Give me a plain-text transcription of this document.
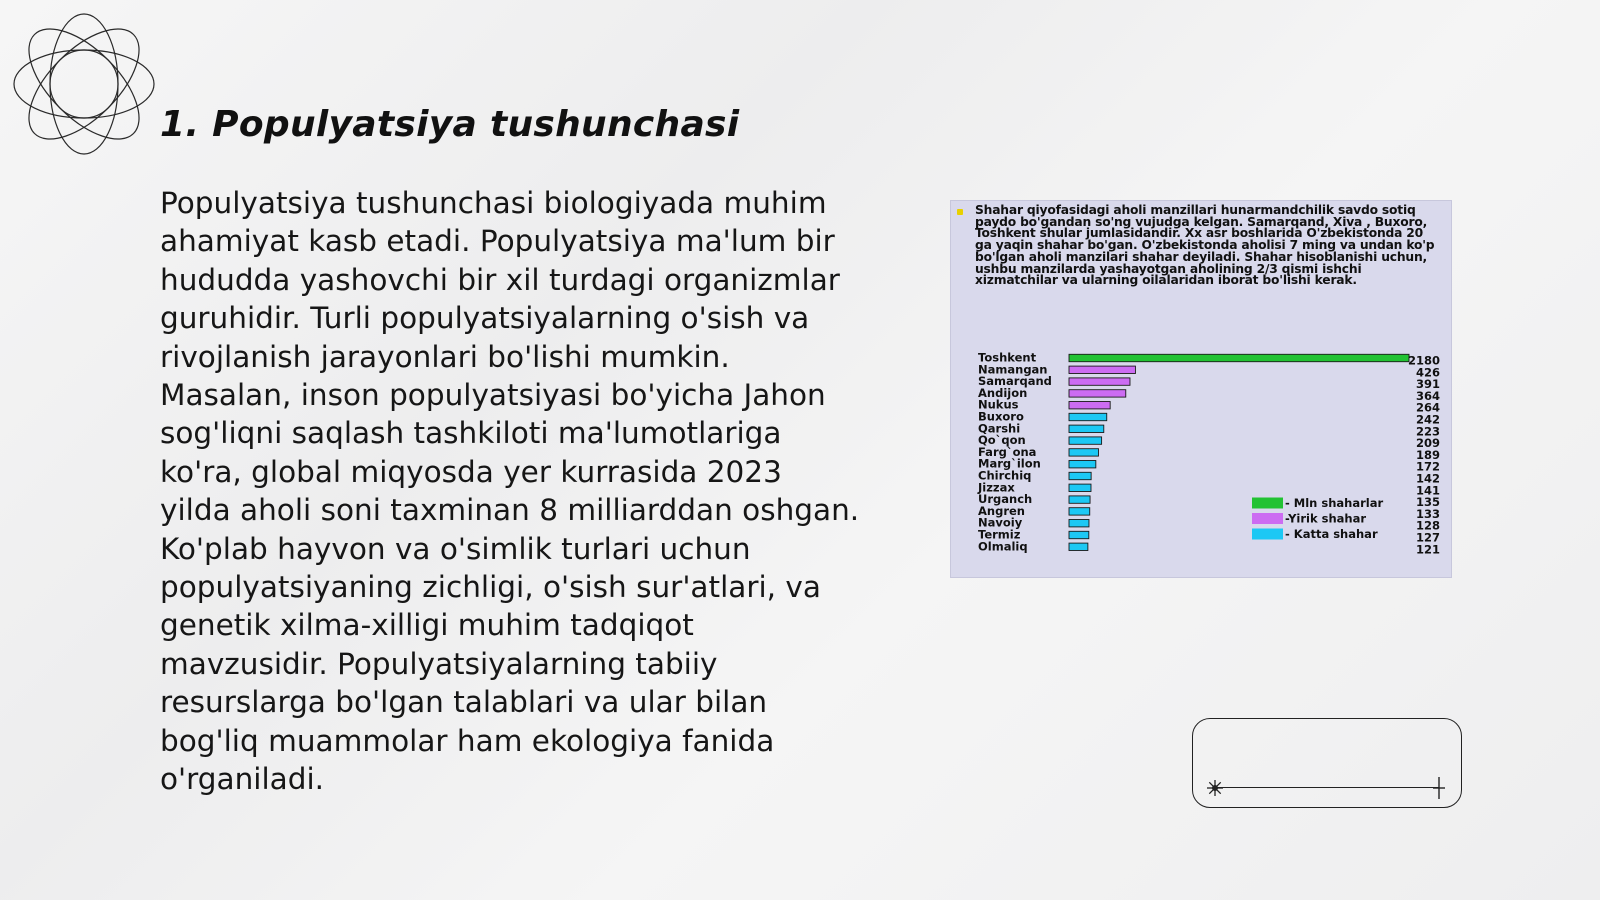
1. Populyatsiya tushunchasi

Populyatsiya tushunchasi biologiyada muhim ahamiyat kasb etadi. Populyatsiya ma'lum bir hududda yashovchi bir xil turdagi organizmlar guruhidir. Turli populyatsiyalarning o'sish va rivojlanish jarayonlari bo'lishi mumkin. Masalan, inson populyatsiyasi bo'yicha Jahon sog'liqni saqlash tashkiloti ma'lumotlariga ko'ra, global miqyosda yer kurrasida 2023 yilda aholi soni taxminan 8 milliarddan oshgan. Ko'plab hayvon va o'simlik turlari uchun populyatsiyaning zichligi, o'sish sur'atlari, va genetik xilma-xilligi muhim tadqiqot mavzusidir. Populyatsiyalarning tabiiy resurslarga bo'lgan talablari va ular bilan bog'liq muammolar ham ekologiya fanida o'rganiladi.

Shahar qiyofasidagi aholi manzillari hunarmandchilik savdo sotiq paydo bo'gandan so'ng vujudga kelgan. Samarqand, Xiva , Buxoro, Toshkent shular jumlasidandir. Xx asr boshlarida O'zbekistonda 20 ga yaqin shahar bo'gan. O'zbekistonda aholisi 7 ming va undan ko'p bo'lgan aholi manzilari shahar deyiladi. Shahar hisoblanishi uchun, ushbu manzilarda yashayotgan aholining 2/3 qismi ishchi xizmatchilar va ularning oilalaridan iborat bo'lishi kerak.

Toshkent	2180
Namangan	426
Samarqand	391
Andijon	364
Nukus	264
Buxoro	242
Qarshi	223
Qo`qon	209
Farg`ona	189
Marg`ilon	172
Chirchiq	142
Jizzax	141
Urganch	135
Angren	133
Navoiy	128
Termiz	127
Olmaliq	121
- Mln shaharlar
-Yirik shahar
- Katta shahar
